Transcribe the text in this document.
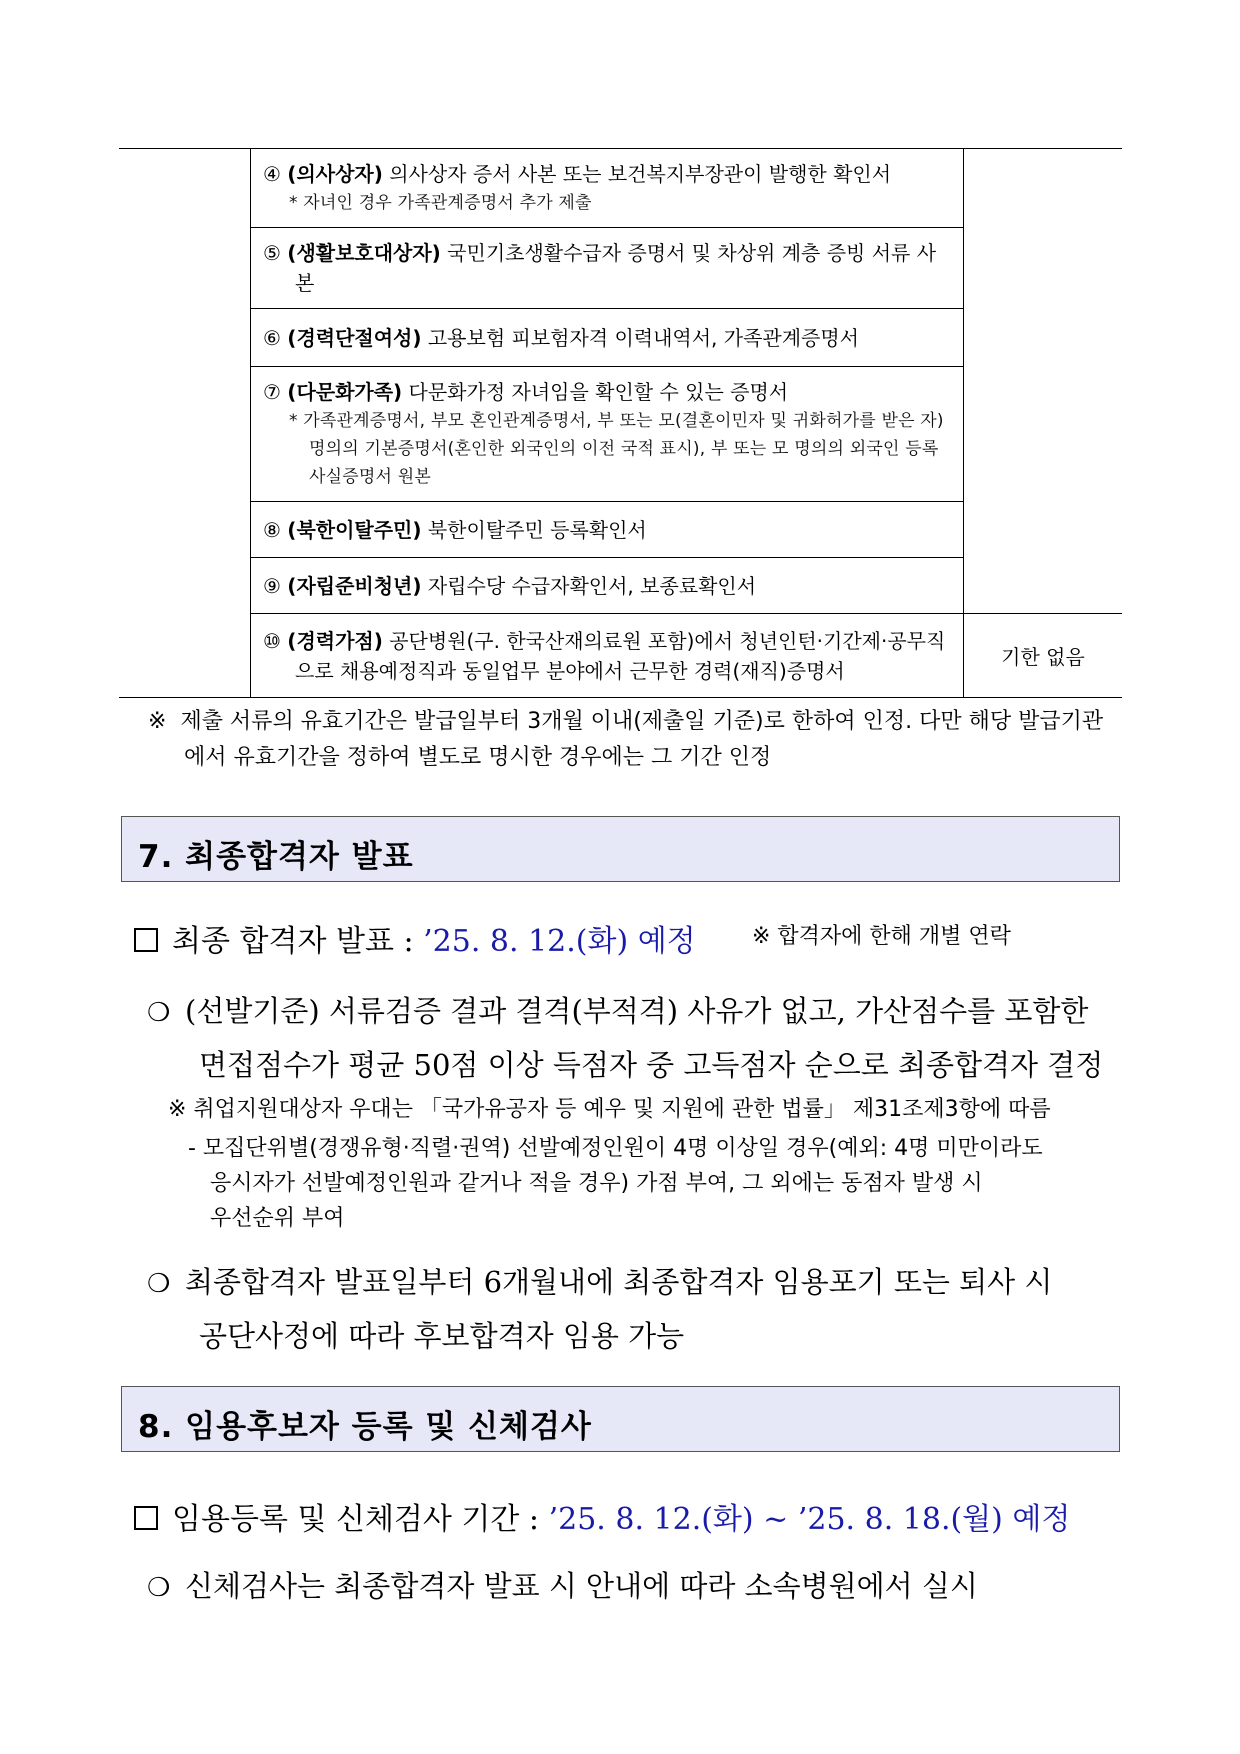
	④ (의사상자) 의사상자 증서 사본 또는 보건복지부장관이 발행한 확인서
* 자녀인 경우 가족관계증명서 추가 제출	

	⑤ (생활보호대상자) 국민기초생활수급자 증명서 및 차상위 계층 증빙 서류 사본	

	⑥ (경력단절여성) 고용보험 피보험자격 이력내역서, 가족관계증명서	

	⑦ (다문화가족) 다문화가정 자녀임을 확인할 수 있는 증명서
* 가족관계증명서, 부모 혼인관계증명서, 부 또는 모(결혼이민자 및 귀화허가를 받은 자) 명의의 기본증명서(혼인한 외국인의 이전 국적 표시), 부 또는 모 명의의 외국인 등록사실증명서 원본	

	⑧ (북한이탈주민) 북한이탈주민 등록확인서	

	⑨ (자립준비청년) 자립수당 수급자확인서, 보종료확인서	

	⑩ (경력가점) 공단병원(구. 한국산재의료원 포함)에서 청년인턴·기간제·공무직으로 채용예정직과 동일업무 분야에서 근무한 경력(재직)증명서	기한 없음
※ 제출 서류의 유효기간은 발급일부터 3개월 이내(제출일 기준)로 한하여 인정. 다만 해당 발급기관에서 유효기간을 정하여 별도로 명시한 경우에는 그 기간 인정
7. 최종합격자 발표
최종 합격자 발표 : ’25. 8. 12.(화) 예정	※ 합격자에 한해 개별 연락
❍ (선발기준) 서류검증 결과 결격(부적격) 사유가 없고, 가산점수를 포함한
면접점수가 평균 50점 이상 득점자 중 고득점자 순으로 최종합격자 결정
※ 취업지원대상자 우대는 「국가유공자 등 예우 및 지원에 관한 법률」 제31조제3항에 따름
- 모집단위별(경쟁유형·직렬·권역) 선발예정인원이 4명 이상일 경우(예외: 4명 미만이라도
응시자가 선발예정인원과 같거나 적을 경우) 가점 부여, 그 외에는 동점자 발생 시
우선순위 부여
❍ 최종합격자 발표일부터 6개월내에 최종합격자 임용포기 또는 퇴사 시
공단사정에 따라 후보합격자 임용 가능
8. 임용후보자 등록 및 신체검사
임용등록 및 신체검사 기간 : ’25. 8. 12.(화) ~ ’25. 8. 18.(월) 예정
❍ 신체검사는 최종합격자 발표 시 안내에 따라 소속병원에서 실시
